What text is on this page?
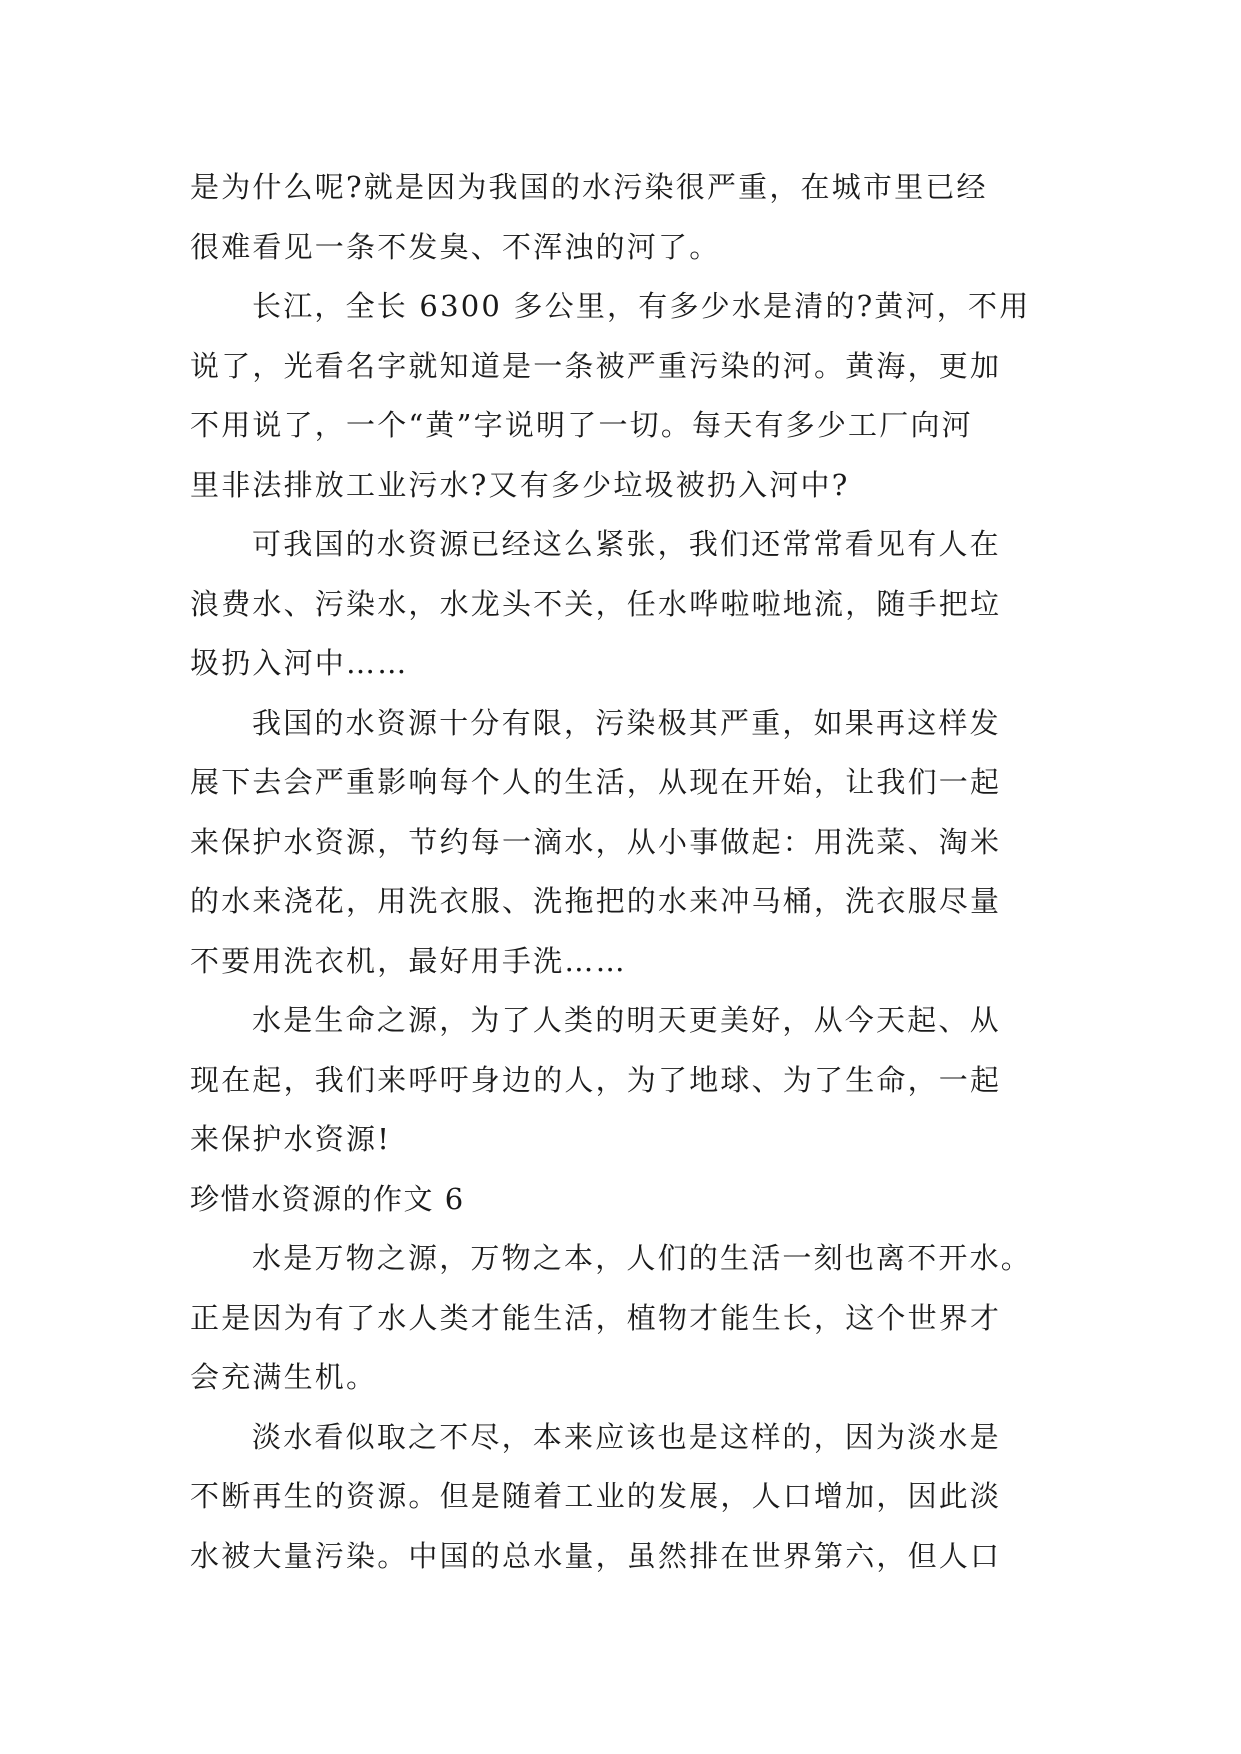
是为什么呢?就是因为我国的水污染很严重，在城市里已经
很难看见一条不发臭、不浑浊的河了。
长江，全长 6300 多公里，有多少水是清的?黄河，不用
说了，光看名字就知道是一条被严重污染的河。黄海，更加
不用说了，一个“黄”字说明了一切。每天有多少工厂向河
里非法排放工业污水?又有多少垃圾被扔入河中?
可我国的水资源已经这么紧张，我们还常常看见有人在
浪费水、污染水，水龙头不关，任水哗啦啦地流，随手把垃
圾扔入河中……
我国的水资源十分有限，污染极其严重，如果再这样发
展下去会严重影响每个人的生活，从现在开始，让我们一起
来保护水资源，节约每一滴水，从小事做起：用洗菜、淘米
的水来浇花，用洗衣服、洗拖把的水来冲马桶，洗衣服尽量
不要用洗衣机，最好用手洗……
水是生命之源，为了人类的明天更美好，从今天起、从
现在起，我们来呼吁身边的人，为了地球、为了生命，一起
来保护水资源!
珍惜水资源的作文 6
水是万物之源，万物之本，人们的生活一刻也离不开水。
正是因为有了水人类才能生活，植物才能生长，这个世界才
会充满生机。
淡水看似取之不尽，本来应该也是这样的，因为淡水是
不断再生的资源。但是随着工业的发展，人口增加，因此淡
水被大量污染。中国的总水量，虽然排在世界第六，但人口
